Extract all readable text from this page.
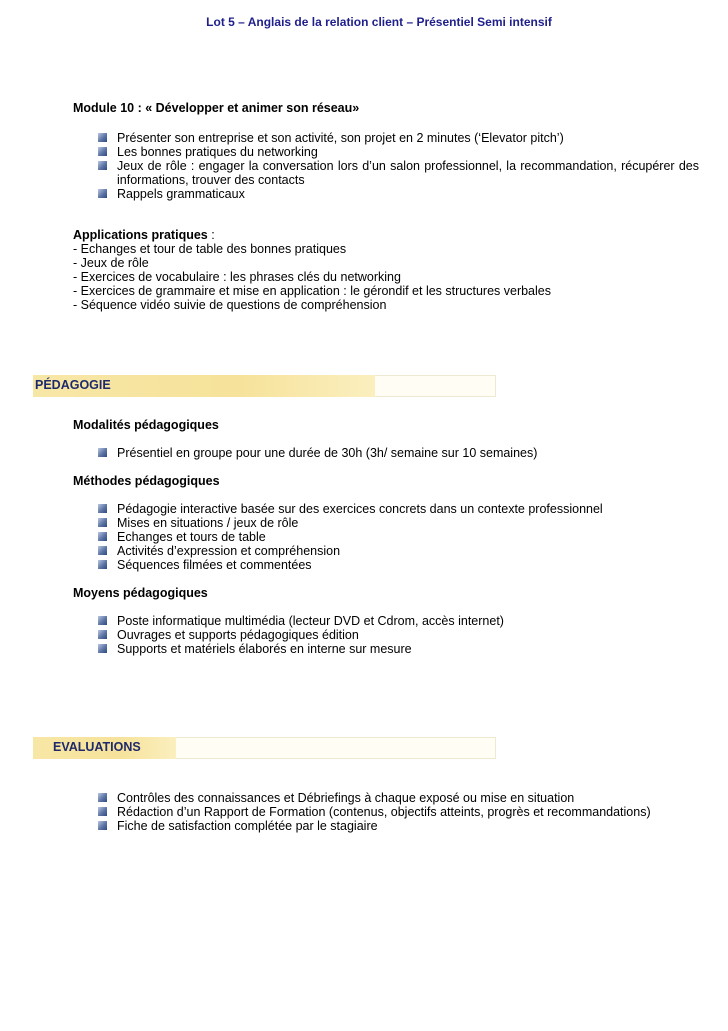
Lot 5 – Anglais de la relation client – Présentiel Semi intensif
Module 10 : « Développer et animer son réseau»
Présenter son entreprise et son activité, son projet en 2 minutes (‘Elevator pitch’)
Les bonnes pratiques du networking
Jeux de rôle : engager la conversation lors d’un salon professionnel, la recommandation, récupérer des informations, trouver des contacts
Rappels grammaticaux
Applications pratiques :
- Echanges et tour de table des bonnes pratiques
- Jeux de rôle
- Exercices de vocabulaire : les phrases clés du networking
- Exercices de grammaire et mise en application : le gérondif et les structures verbales
- Séquence vidéo suivie de questions de compréhension
PÉDAGOGIE
Modalités pédagogiques
Présentiel en groupe pour une durée de 30h (3h/ semaine sur 10 semaines)
Méthodes pédagogiques
Pédagogie interactive basée sur des exercices concrets dans un contexte professionnel
Mises en situations / jeux de rôle
Echanges et tours de table
Activités d’expression et compréhension
Séquences filmées et commentées
Moyens pédagogiques
Poste informatique multimédia (lecteur DVD et Cdrom, accès internet)
Ouvrages et supports pédagogiques édition
Supports et matériels élaborés en interne sur mesure
EVALUATIONS
Contrôles des connaissances et Débriefings à chaque exposé ou mise en situation
Rédaction d’un Rapport de Formation (contenus, objectifs atteints, progrès et recommandations)
Fiche de satisfaction complétée par le stagiaire
